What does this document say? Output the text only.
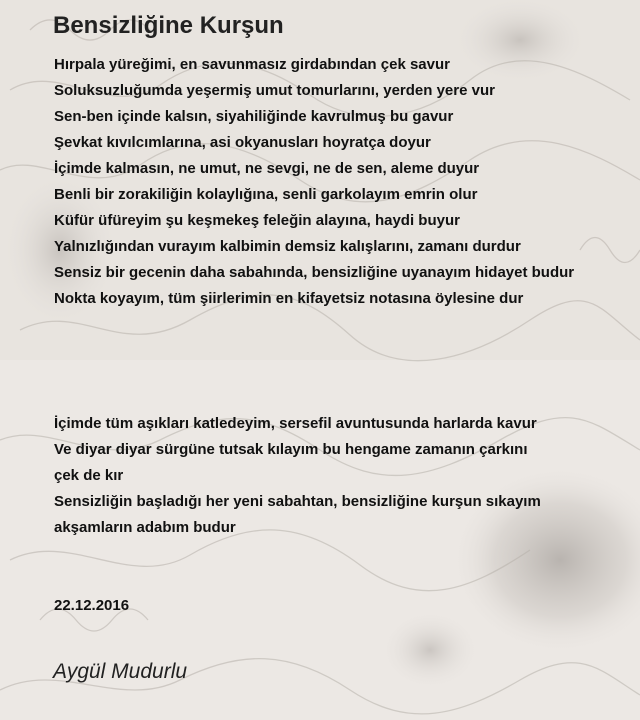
Bensizliğine Kurşun
Hırpala yüreğimi, en savunmasız girdabından çek savur
Soluksuzluğumda yeşermiş umut tomurlarını, yerden yere vur
Sen-ben içinde kalsın, siyahiliğinde kavrulmuş bu gavur
Şevkat kıvılcımlarına, asi okyanusları hoyratça doyur
İçimde kalmasın, ne umut, ne sevgi, ne de sen, aleme duyur
Benli bir zorakiliğin kolaylığına, senli garkolayım emrin olur
Küfür üfüreyim şu keşmekeş feleğin alayına, haydi buyur
Yalnızlığından vurayım kalbimin demsiz kalışlarını, zamanı durdur
Sensiz bir gecenin daha sabahında, bensizliğine uyanayım hidayet budur
Nokta koyayım, tüm şiirlerimin en kifayetsiz notasına öylesine dur
İçimde tüm aşıkları katledeyim, sersefil avuntusunda harlarda kavur
Ve diyar diyar sürgüne tutsak kılayım bu hengame zamanın çarkını
çek de kır
Sensizliğin başladığı her yeni sabahtan, bensizliğine kurşun sıkayım
akşamların adabım budur
22.12.2016
Aygül Mudurlu
